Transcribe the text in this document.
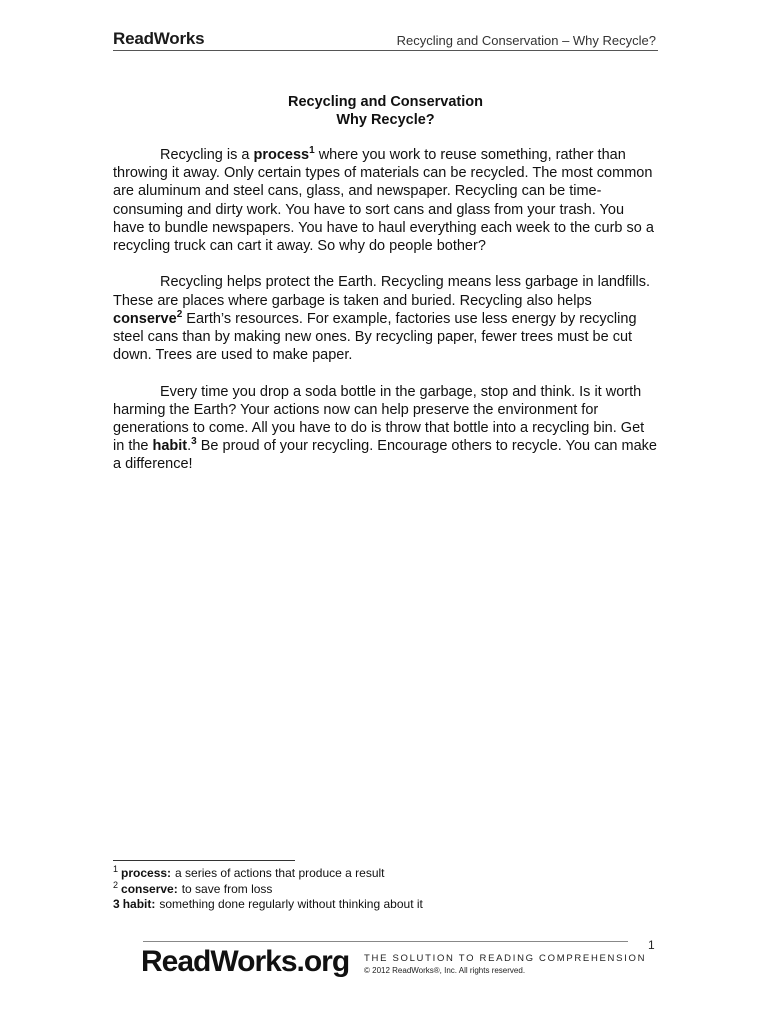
ReadWorks	Recycling and Conservation – Why Recycle?
Recycling and Conservation
Why Recycle?

Recycling is a process$^1$ where you work to reuse something, rather than throwing it away. Only certain types of materials can be recycled. The most common are aluminum and steel cans, glass, and newspaper. Recycling can be time-consuming and dirty work. You have to sort cans and glass from your trash. You have to bundle newspapers. You have to haul everything each week to the curb so a recycling truck can cart it away. So why do people bother?

Recycling helps protect the Earth. Recycling means less garbage in landfills. These are places where garbage is taken and buried. Recycling also helps conserve$^2$ Earth’s resources. For example, factories use less energy by recycling steel cans than by making new ones. By recycling paper, fewer trees must be cut down. Trees are used to make paper.

Every time you drop a soda bottle in the garbage, stop and think. Is it worth harming the Earth? Your actions now can help preserve the environment for generations to come. All you have to do is throw that bottle into a recycling bin. Get in the habit.$^3$ Be proud of your recycling. Encourage others to recycle. You can make a difference!

$^1$ process: a series of actions that produce a result
$^2$ conserve: to save from loss
3 habit: something done regularly without thinking about it
1
ReadWorks.org THE SOLUTION TO READING COMPREHENSION
© 2012 ReadWorks®, Inc. All rights reserved.
